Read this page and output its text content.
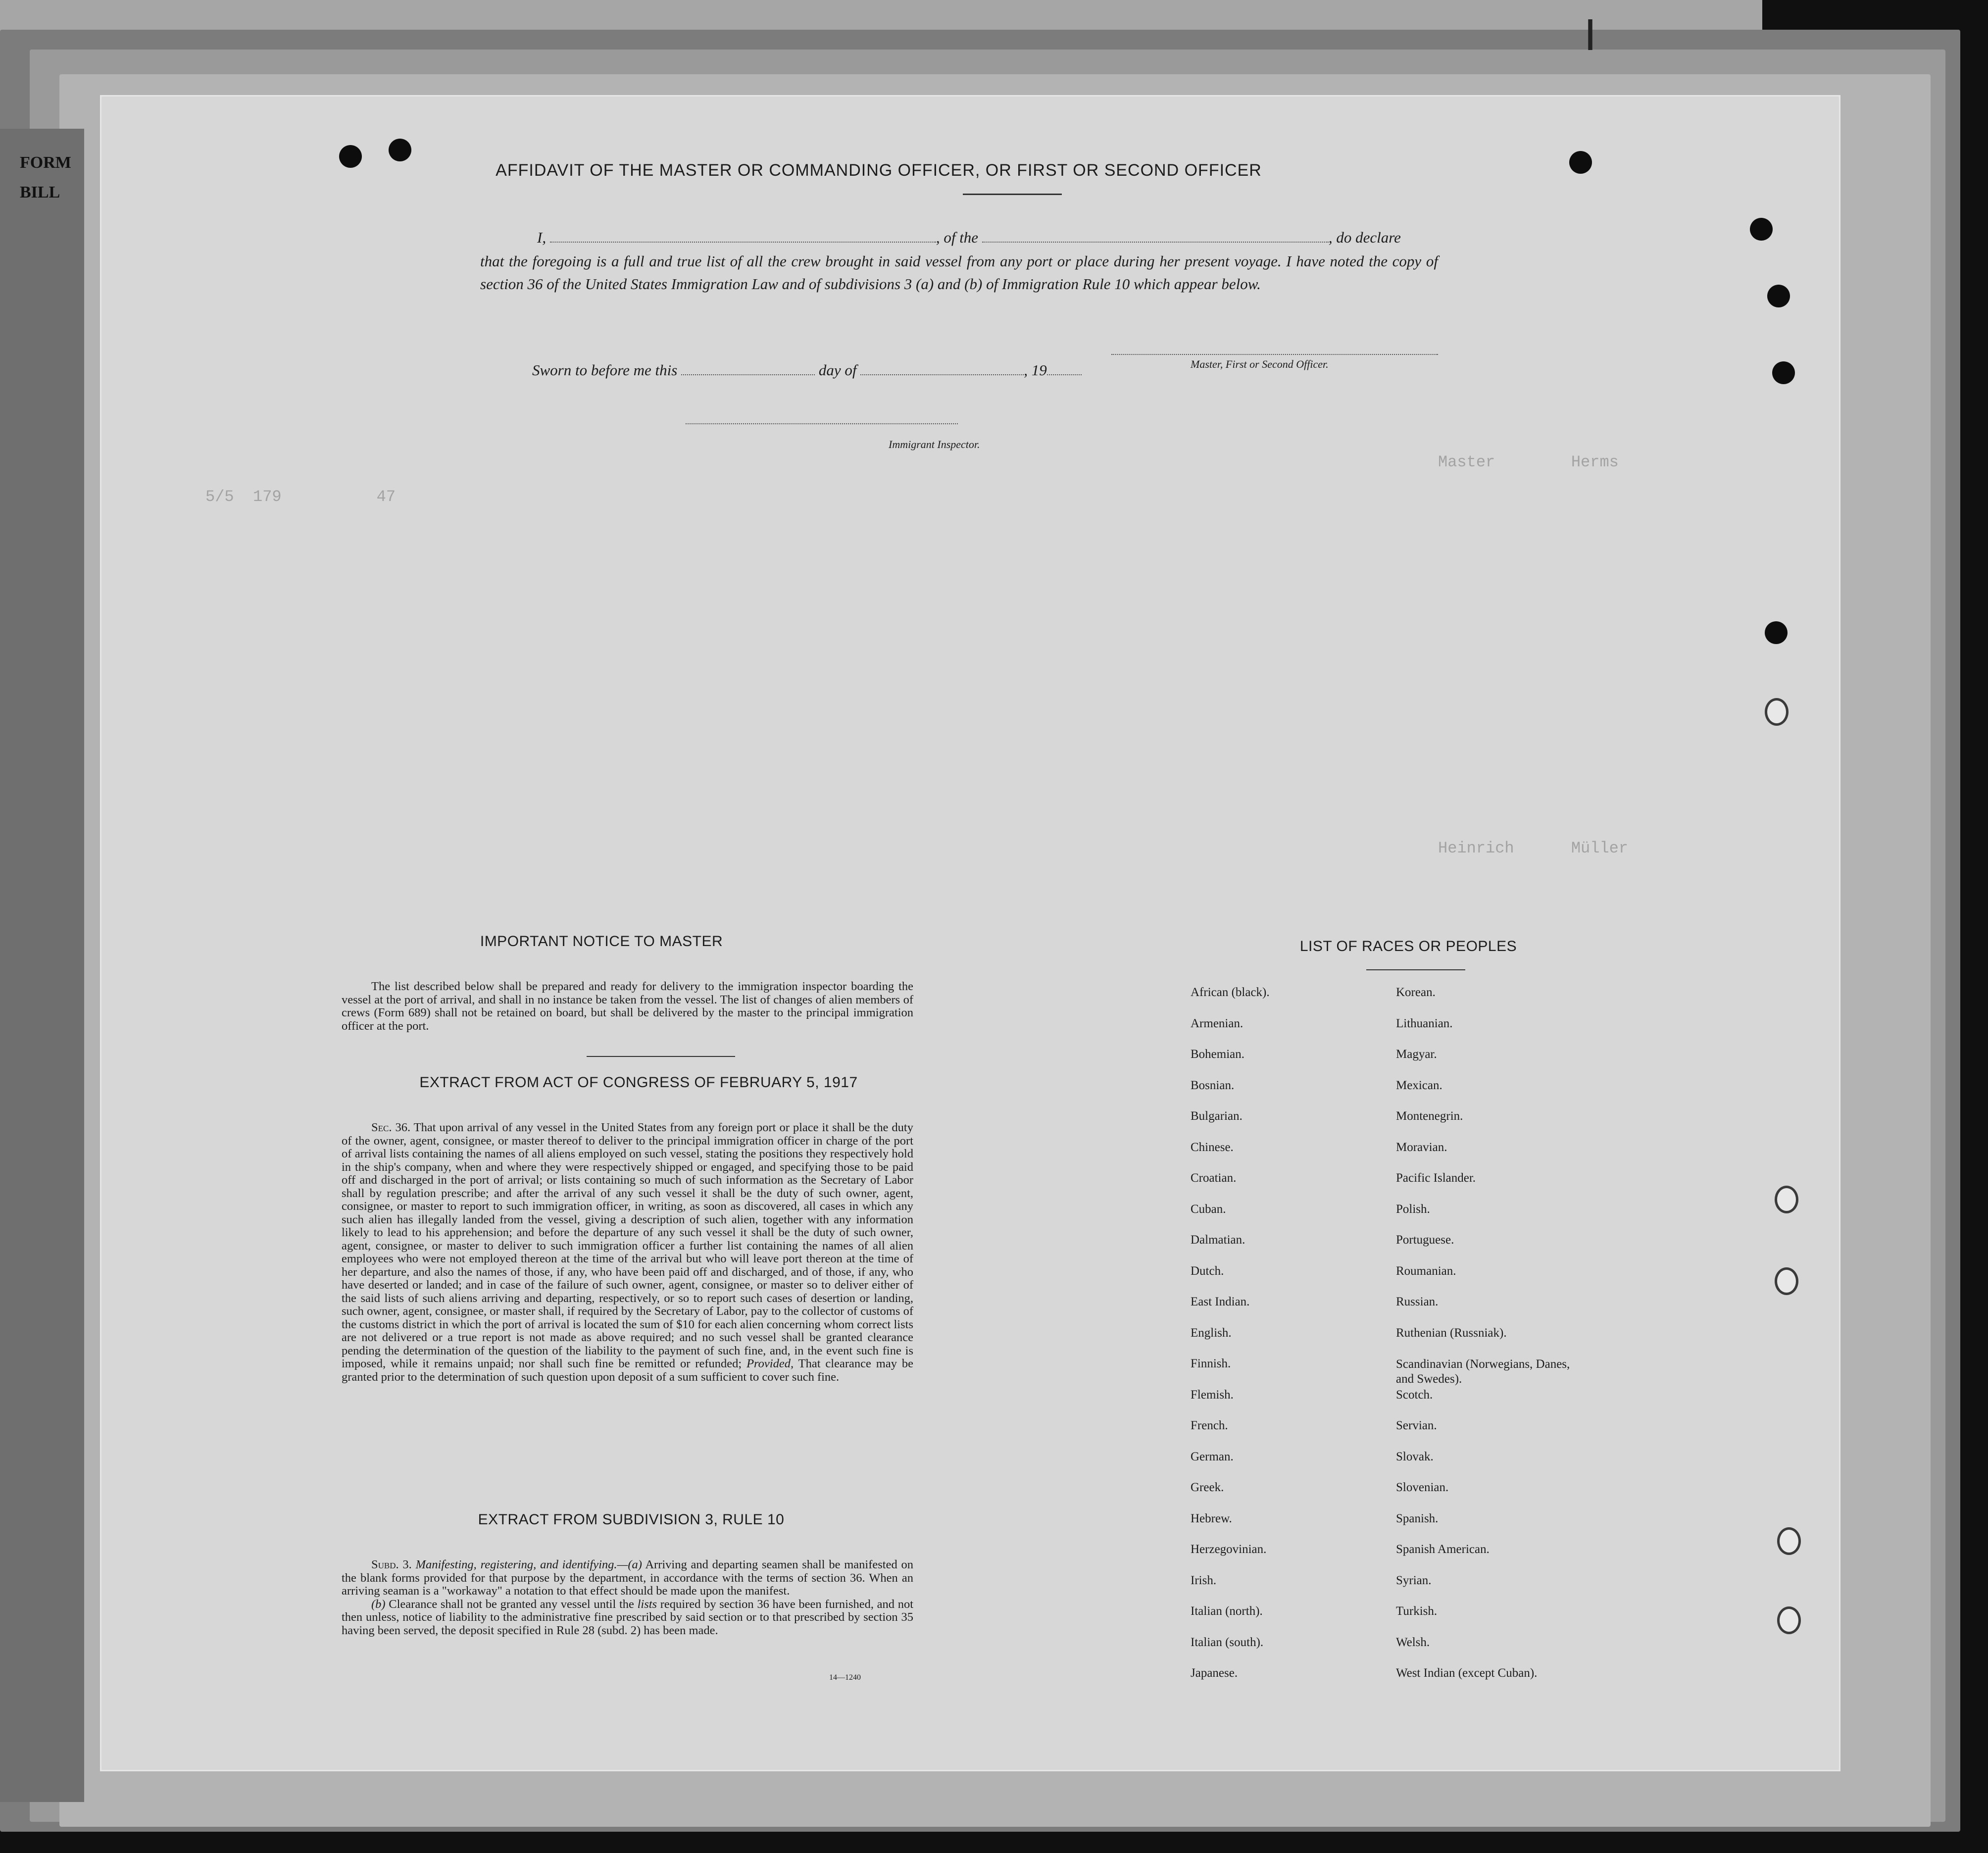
I
FORM
BILL
5/5  179          47
Master        Herms
Heinrich      Müller
AFFIDAVIT OF THE MASTER OR COMMANDING OFFICER, OR FIRST OR SECOND OFFICER
I,	, of the	, do declare
that the foregoing is a full and true list of all the crew brought in said vessel from any port or place during her present voyage. I have noted the copy of section 36 of the United States Immigration Law and of subdivisions 3 (a) and (b) of Immigration Rule 10 which appear below.
Master, First or Second Officer.
Sworn to before me this	day of	, 19
Immigrant Inspector.
IMPORTANT NOTICE TO MASTER
The list described below shall be prepared and ready for delivery to the immigration inspector boarding the vessel at the port of arrival, and shall in no instance be taken from the vessel. The list of changes of alien members of crews (Form 689) shall not be retained on board, but shall be delivered by the master to the principal immigration officer at the port.
EXTRACT FROM ACT OF CONGRESS OF FEBRUARY 5, 1917
Sec. 36. That upon arrival of any vessel in the United States from any foreign port or place it shall be the duty of the owner, agent, consignee, or master thereof to deliver to the principal immigration officer in charge of the port of arrival lists containing the names of all aliens employed on such vessel, stating the positions they respectively hold in the ship's company, when and where they were respectively shipped or engaged, and specifying those to be paid off and discharged in the port of arrival; or lists containing so much of such information as the Secretary of Labor shall by regulation prescribe; and after the arrival of any such vessel it shall be the duty of such owner, agent, consignee, or master to report to such immigration officer, in writing, as soon as discovered, all cases in which any such alien has illegally landed from the vessel, giving a description of such alien, together with any information likely to lead to his apprehension; and before the departure of any such vessel it shall be the duty of such owner, agent, consignee, or master to deliver to such immigration officer a further list containing the names of all alien employees who were not employed thereon at the time of the arrival but who will leave port thereon at the time of her departure, and also the names of those, if any, who have been paid off and discharged, and of those, if any, who have deserted or landed; and in case of the failure of such owner, agent, consignee, or master so to deliver either of the said lists of such aliens arriving and departing, respectively, or so to report such cases of desertion or landing, such owner, agent, consignee, or master shall, if required by the Secretary of Labor, pay to the collector of customs of the customs district in which the port of arrival is located the sum of $10 for each alien concerning whom correct lists are not delivered or a true report is not made as above required; and no such vessel shall be granted clearance pending the determination of the question of the liability to the payment of such fine, and, in the event such fine is imposed, while it remains unpaid; nor shall such fine be remitted or refunded; Provided, That clearance may be granted prior to the determination of such question upon deposit of a sum sufficient to cover such fine.
EXTRACT FROM SUBDIVISION 3, RULE 10
Subd. 3. Manifesting, registering, and identifying.—(a) Arriving and departing seamen shall be manifested on the blank forms provided for that purpose by the department, in accordance with the terms of section 36. When an arriving seaman is a "workaway" a notation to that effect should be made upon the manifest.
(b) Clearance shall not be granted any vessel until the lists required by section 36 have been furnished, and not then unless, notice of liability to the administrative fine prescribed by said section or to that prescribed by section 35 having been served, the deposit specified in Rule 28 (subd. 2) has been made.
14—1240
LIST OF RACES OR PEOPLES
African (black).
Armenian.
Bohemian.
Bosnian.
Bulgarian.
Chinese.
Croatian.
Cuban.
Dalmatian.
Dutch.
East Indian.
English.
Finnish.
Flemish.
French.
German.
Greek.
Hebrew.
Herzegovinian.
Irish.
Italian (north).
Italian (south).
Japanese.
Korean.
Lithuanian.
Magyar.
Mexican.
Montenegrin.
Moravian.
Pacific Islander.
Polish.
Portuguese.
Roumanian.
Russian.
Ruthenian (Russniak).
Scandinavian (Norwegians, Danes, and Swedes).
Scotch.
Servian.
Slovak.
Slovenian.
Spanish.
Spanish American.
Syrian.
Turkish.
Welsh.
West Indian (except Cuban).
